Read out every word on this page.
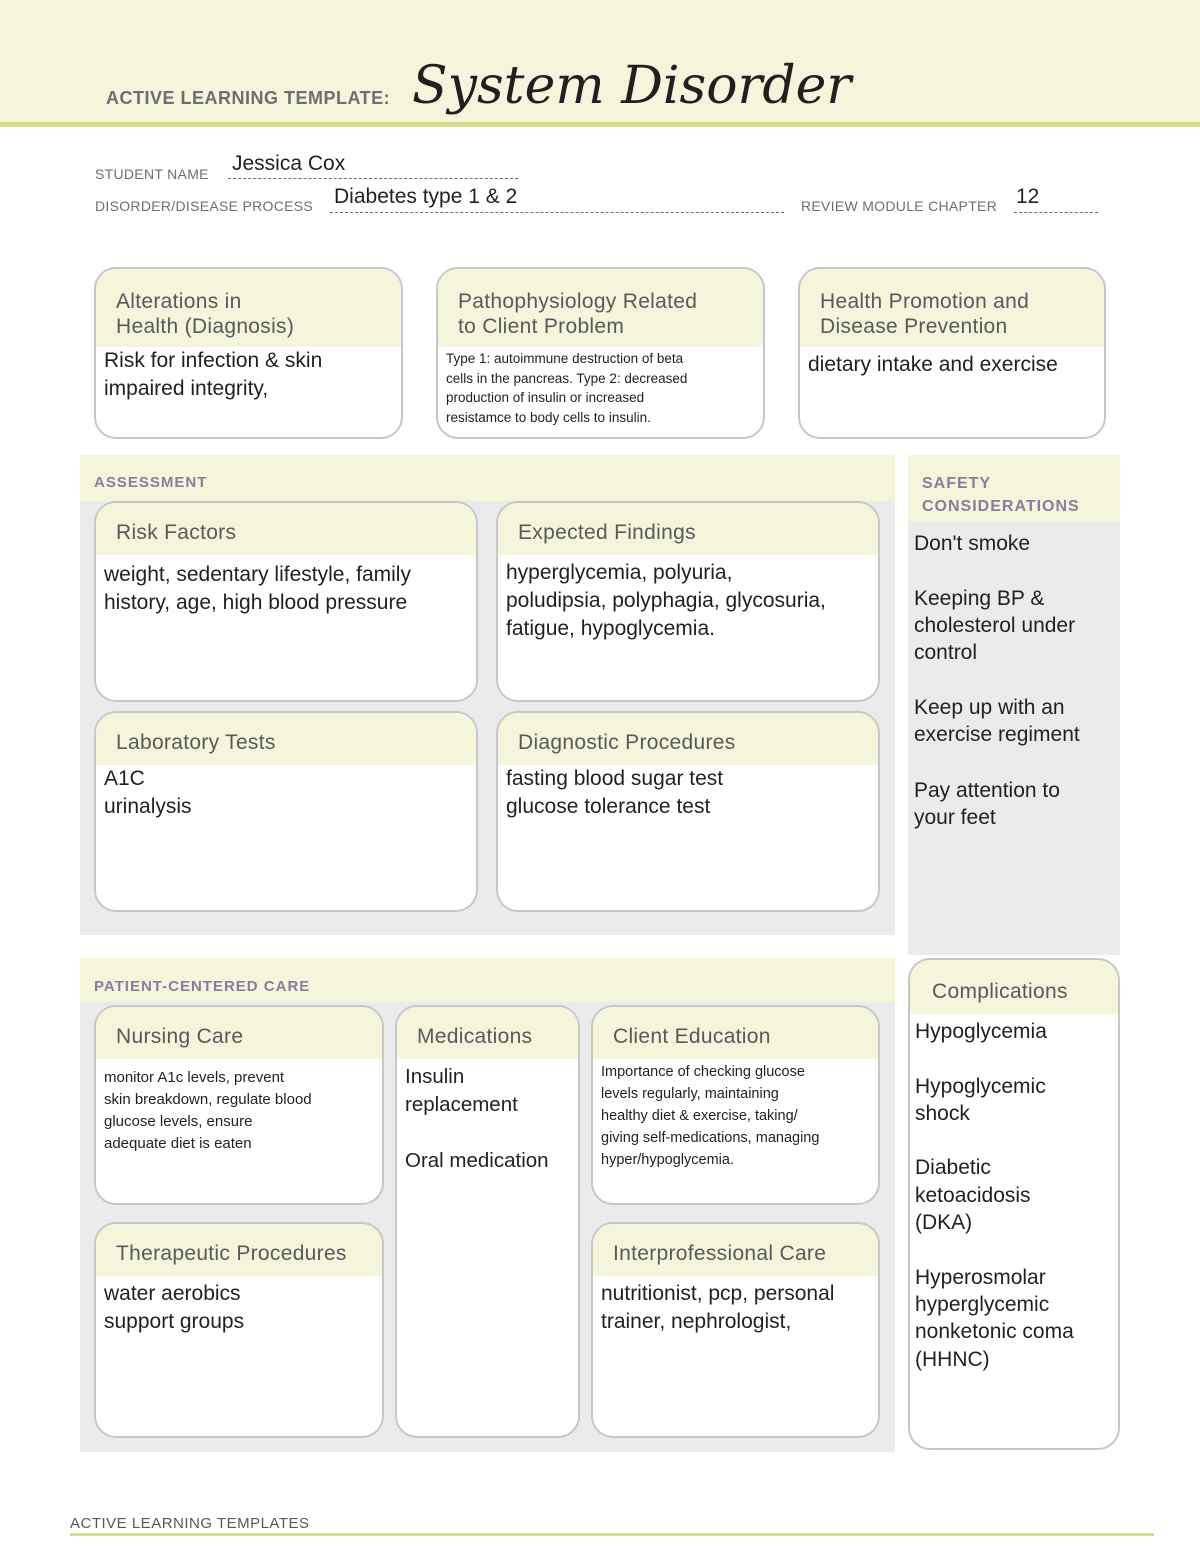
ACTIVE LEARNING TEMPLATE: System Disorder
STUDENT NAME Jessica Cox
DISORDER/DISEASE PROCESS Diabetes type 1 & 2	REVIEW MODULE CHAPTER 12
Alterations in
Health (Diagnosis)
Risk for infection & skin
impaired integrity,
Pathophysiology Related
to Client Problem
Type 1: autoimmune destruction of beta
cells in the pancreas. Type 2: decreased
production of insulin or increased
resistamce to body cells to insulin.
Health Promotion and
Disease Prevention
dietary intake and exercise
ASSESSMENT
Risk Factors
weight, sedentary lifestyle, family
history, age, high blood pressure
Expected Findings
hyperglycemia, polyuria,
poludipsia, polyphagia, glycosuria,
fatigue, hypoglycemia.
Laboratory Tests
A1C
urinalysis
Diagnostic Procedures
fasting blood sugar test
glucose tolerance test
SAFETY
CONSIDERATIONS
Don't smoke
Keeping BP &
cholesterol under
control
Keep up with an
exercise regiment
Pay attention to
your feet
PATIENT-CENTERED CARE
Nursing Care
monitor A1c levels, prevent
skin breakdown, regulate blood
glucose levels, ensure
adequate diet is eaten
Medications
Insulin
replacement

Oral medication
Client Education
Importance of checking glucose
levels regularly, maintaining
healthy diet & exercise, taking/
giving self-medications, managing
hyper/hypoglycemia.
Therapeutic Procedures
water aerobics
support groups
Interprofessional Care
nutritionist, pcp, personal
trainer, nephrologist,
Complications
Hypoglycemia

Hypoglycemic
shock

Diabetic
ketoacidosis
(DKA)

Hyperosmolar
hyperglycemic
nonketonic coma
(HHNC)
ACTIVE LEARNING TEMPLATES
